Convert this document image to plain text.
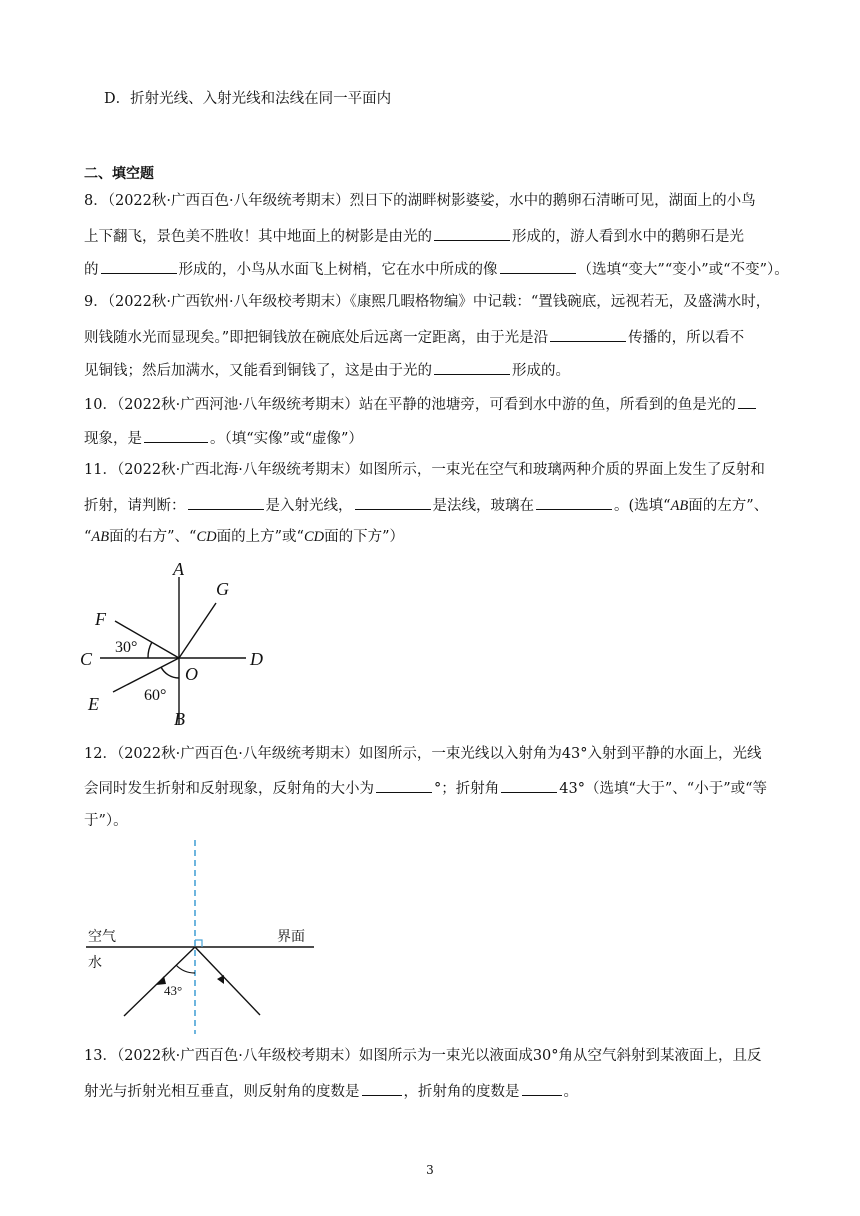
D．折射光线、入射光线和法线在同一平面内
二、填空题
8．（2022秋·广西百色·八年级统考期末）烈日下的湖畔树影婆娑，水中的鹅卵石清晰可见，湖面上的小鸟
上下翻飞，景色美不胜收！其中地面上的树影是由光的	形成的，游人看到水中的鹅卵石是光
的	形成的，小鸟从水面飞上树梢，它在水中所成的像	（选填“变大”“变小”或“不变”）。
9．（2022秋·广西钦州·八年级校考期末）《康熙几暇格物编》中记载：“置钱碗底，远视若无，及盛满水时，
则钱随水光而显现矣。”即把铜钱放在碗底处后远离一定距离，由于光是沿	传播的，所以看不
见铜钱；然后加满水，又能看到铜钱了，这是由于光的	形成的。
10．（2022秋·广西河池·八年级统考期末）站在平静的池塘旁，可看到水中游的鱼，所看到的鱼是光的
现象，是	。（填“实像”或“虚像”）
11．（2022秋·广西北海·八年级统考期末）如图所示，一束光在空气和玻璃两种介质的界面上发生了反射和
折射，请判断：	是入射光线，	是法线，玻璃在	。(选填“AB面的左方”、
“AB面的右方”、“CD面的上方”或“CD面的下方”）
A
B
C	D
E
F
G
O
30°
60°
12．（2022秋·广西百色·八年级统考期末）如图所示，一束光线以入射角为43°入射到平静的水面上，光线
会同时发生折射和反射现象，反射角的大小为	°；折射角	43°（选填“大于”、“小于”或“等
于”）。
空气	界面
水
43°
13．（2022秋·广西百色·八年级校考期末）如图所示为一束光以液面成30°角从空气斜射到某液面上，且反
射光与折射光相互垂直，则反射角的度数是	，折射角的度数是	。
3
